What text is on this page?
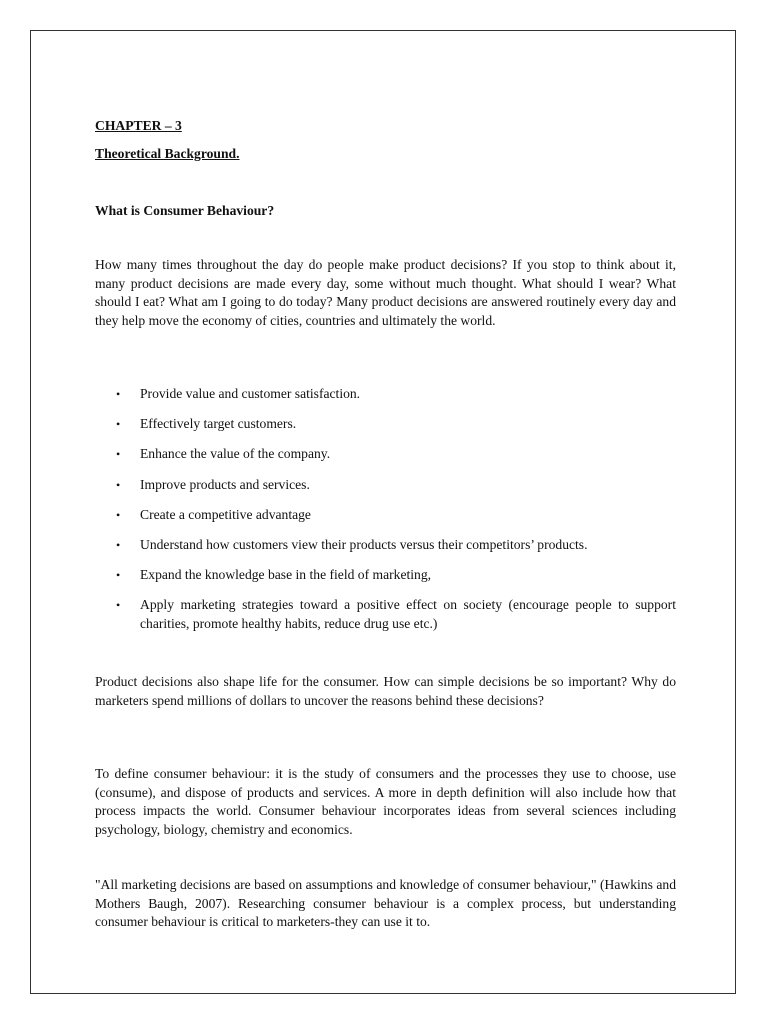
CHAPTER – 3

Theoretical Background.

What is Consumer Behaviour?

How many times throughout the day do people make product decisions? If you stop to think about it, many product decisions are made every day, some without much thought. What should I wear? What should I eat? What am I going to do today? Many product decisions are answered routinely every day and they help move the economy of cities, countries and ultimately the world.

• Provide value and customer satisfaction.
• Effectively target customers.
• Enhance the value of the company.
• Improve products and services.
• Create a competitive advantage
• Understand how customers view their products versus their competitors’ products.
• Expand the knowledge base in the field of marketing,
• Apply marketing strategies toward a positive effect on society (encourage people to support charities, promote healthy habits, reduce drug use etc.)

Product decisions also shape life for the consumer. How can simple decisions be so important? Why do marketers spend millions of dollars to uncover the reasons behind these decisions?

To define consumer behaviour: it is the study of consumers and the processes they use to choose, use (consume), and dispose of products and services. A more in depth definition will also include how that process impacts the world. Consumer behaviour incorporates ideas from several sciences including psychology, biology, chemistry and economics.

"All marketing decisions are based on assumptions and knowledge of consumer behaviour," (Hawkins and Mothers Baugh, 2007). Researching consumer behaviour is a complex process, but understanding consumer behaviour is critical to marketers-they can use it to.
